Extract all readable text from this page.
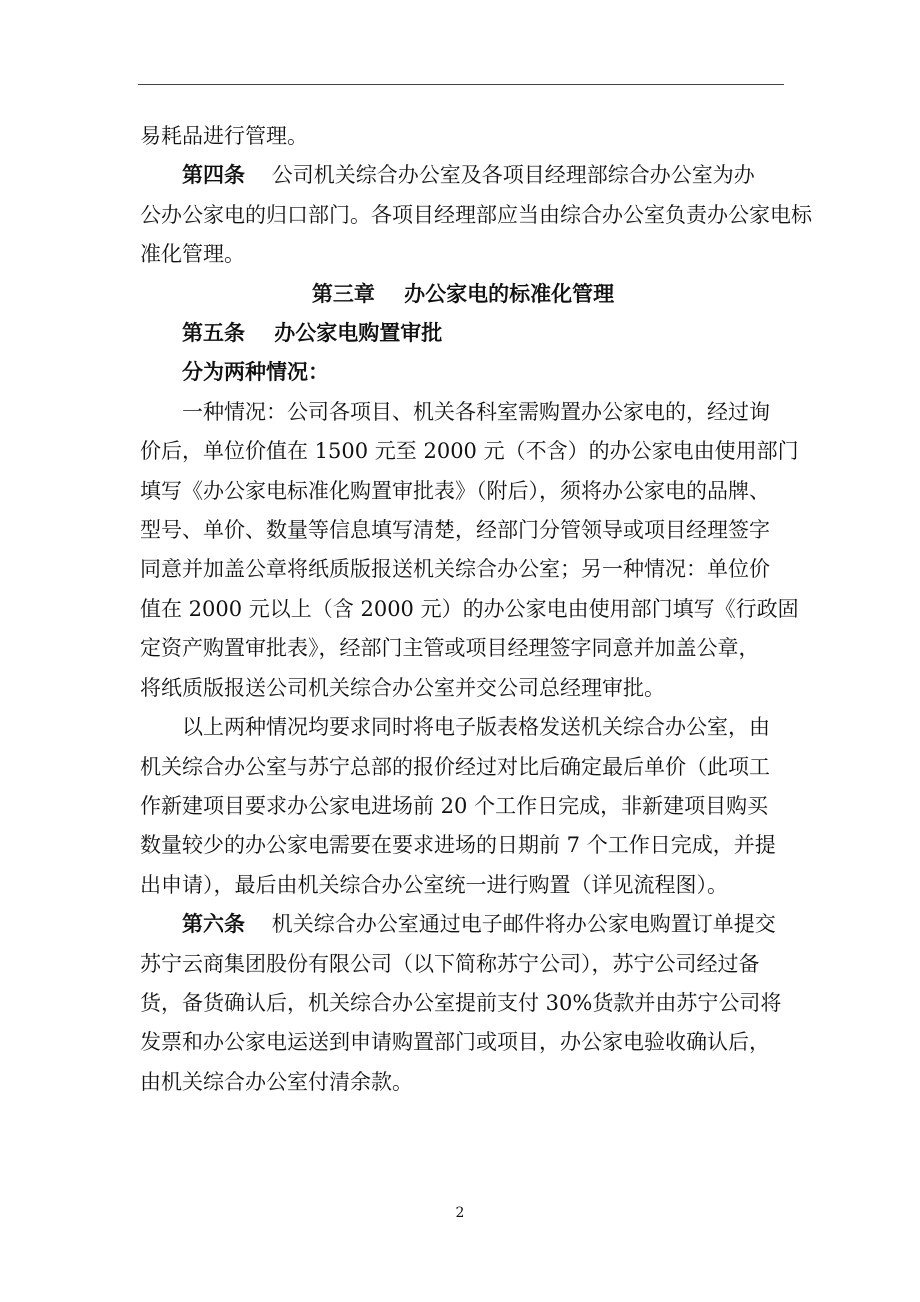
易耗品进行管理。
第四条 公司机关综合办公室及各项目经理部综合办公室为办
公办公家电的归口部门。各项目经理部应当由综合办公室负责办公家电标
准化管理。
第三章    办公家电的标准化管理
第五条 办公家电购置审批
分为两种情况：
一种情况：公司各项目、机关各科室需购置办公家电的，经过询
价后，单位价值在 1500 元至 2000 元（不含）的办公家电由使用部门
填写《办公家电标准化购置审批表》（附后），须将办公家电的品牌、
型号、单价、数量等信息填写清楚，经部门分管领导或项目经理签字
同意并加盖公章将纸质版报送机关综合办公室；另一种情况：单位价
值在 2000 元以上（含 2000 元）的办公家电由使用部门填写《行政固
定资产购置审批表》，经部门主管或项目经理签字同意并加盖公章，
将纸质版报送公司机关综合办公室并交公司总经理审批。
以上两种情况均要求同时将电子版表格发送机关综合办公室，由
机关综合办公室与苏宁总部的报价经过对比后确定最后单价（此项工
作新建项目要求办公家电进场前 20 个工作日完成，非新建项目购买
数量较少的办公家电需要在要求进场的日期前 7 个工作日完成，并提
出申请），最后由机关综合办公室统一进行购置（详见流程图）。
第六条 机关综合办公室通过电子邮件将办公家电购置订单提交
苏宁云商集团股份有限公司（以下简称苏宁公司），苏宁公司经过备
货，备货确认后，机关综合办公室提前支付 30%货款并由苏宁公司将
发票和办公家电运送到申请购置部门或项目，办公家电验收确认后，
由机关综合办公室付清余款。
2
